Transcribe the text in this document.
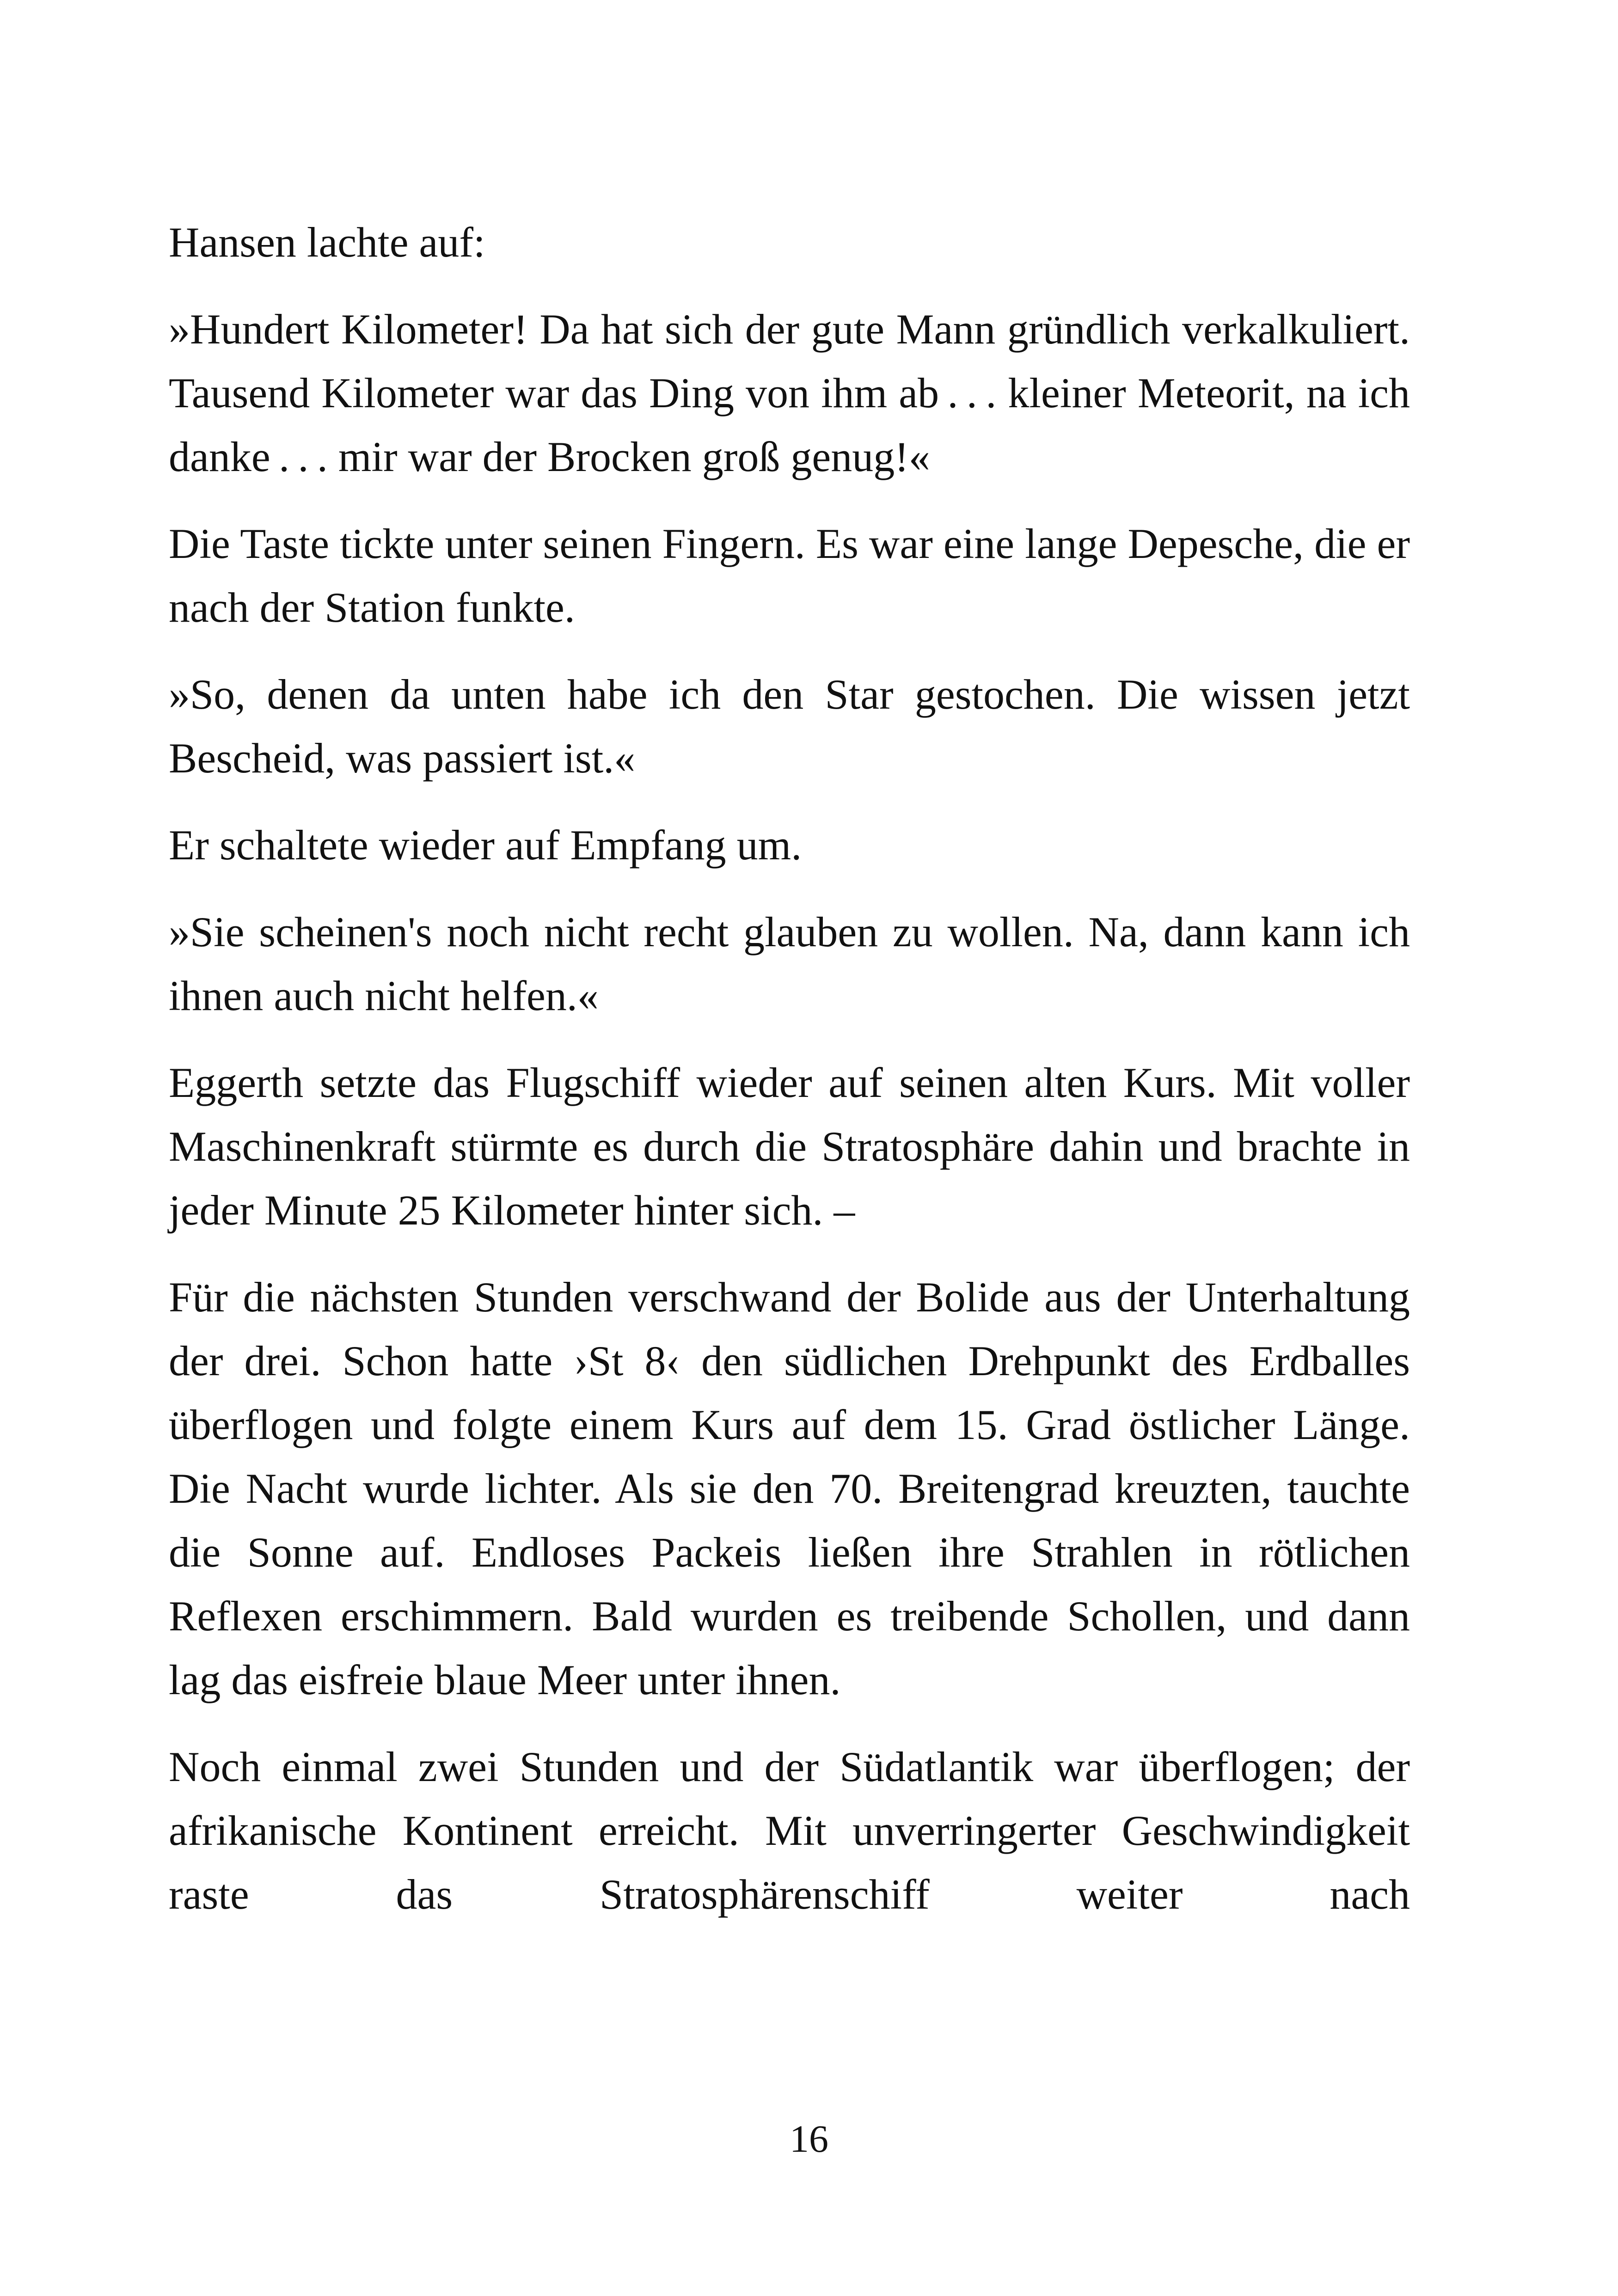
Hansen lachte auf:

»Hundert Kilometer! Da hat sich der gute Mann gründlich verkalkuliert. Tausend Kilometer war das Ding von ihm ab . . . kleiner Meteorit, na ich danke . . . mir war der Brocken groß genug!«

Die Taste tickte unter seinen Fingern. Es war eine lange Depesche, die er nach der Station funkte.

»So, denen da unten habe ich den Star gestochen. Die wissen jetzt Bescheid, was passiert ist.«

Er schaltete wieder auf Empfang um.

»Sie scheinen's noch nicht recht glauben zu wollen. Na, dann kann ich ihnen auch nicht helfen.«

Eggerth setzte das Flugschiff wieder auf seinen alten Kurs. Mit voller Maschinenkraft stürmte es durch die Stratosphäre dahin und brachte in jeder Minute 25 Kilometer hinter sich. –

Für die nächsten Stunden verschwand der Bolide aus der Unterhaltung der drei. Schon hatte ›St 8‹ den südlichen Drehpunkt des Erdballes überflogen und folgte einem Kurs auf dem 15. Grad östlicher Länge. Die Nacht wurde lichter. Als sie den 70. Breitengrad kreuzten, tauchte die Sonne auf. Endloses Packeis ließen ihre Strahlen in rötlichen Reflexen erschimmern. Bald wurden es treibende Schollen, und dann lag das eisfreie blaue Meer unter ihnen.

Noch einmal zwei Stunden und der Südatlantik war überflogen; der afrikanische Kontinent erreicht. Mit unverringerter Geschwindigkeit raste das Stratosphärenschiff weiter nach

16
